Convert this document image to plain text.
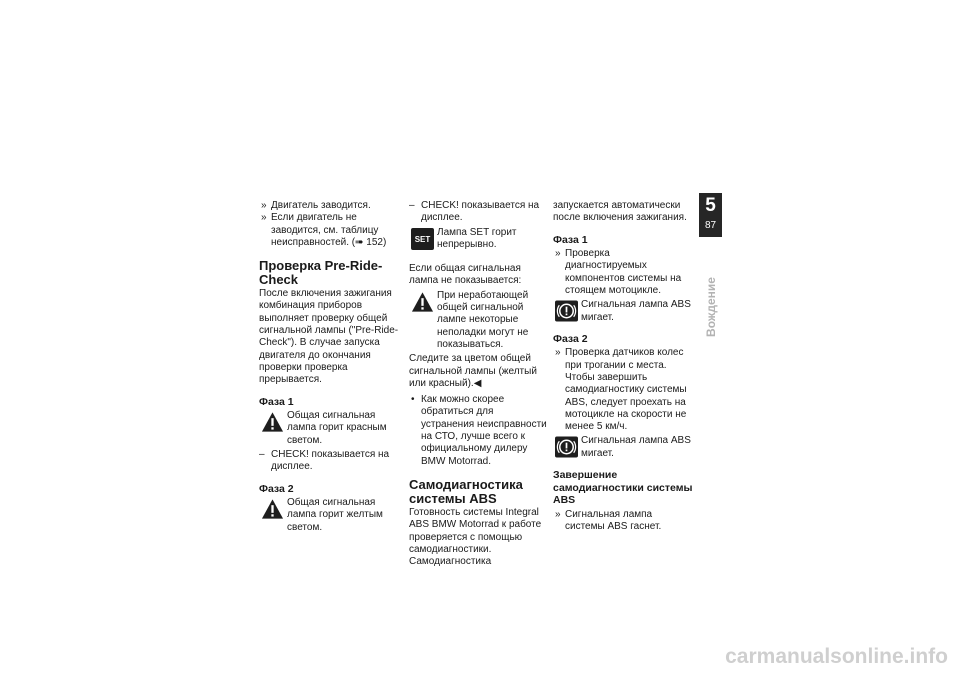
» Двигатель заводится.
» Если двигатель не заводится, см. таблицу неисправностей. (➠ 152)
Проверка Pre-Ride-Check

После включения зажигания комбинация приборов выполняет проверку общей сигнальной лампы ("Pre-Ride-Check"). В случае запуска двигателя до окончания проверки проверка прерывается.

Фаза 1
Общая сигнальная лампа горит красным светом.
– CHECK! показывается на дисплее.
Фаза 2
Общая сигнальная лампа горит желтым светом.
– CHECK! показывается на дисплее.
SET
Лампа SET горит непрерывно.

Если общая сигнальная лампа не показывается:

При неработающей общей сигнальной лампе некоторые неполадки могут не показываться.

Следите за цветом общей сигнальной лампы (желтый или красный).◀

• Как можно скорее обратиться для устранения неисправности на СТО, лучше всего к официальному дилеру BMW Motorrad.
Самодиагностика системы ABS

Готовность системы Integral ABS BMW Motorrad к работе проверяется с помощью самодиагностики. Самодиагностика

запускается автоматически после включения зажигания.

Фаза 1
» Проверка диагностируемых компонентов системы на стоящем мотоцикле.
Сигнальная лампа ABS мигает.
Фаза 2
» Проверка датчиков колес при трогании с места. Чтобы завершить самодиагностику системы ABS, следует проехать на мотоцикле на скорости не менее 5 км/ч.
Сигнальная лампа ABS мигает.
Завершение самодиагностики системы ABS
» Сигнальная лампа системы ABS гаснет.
5
87
Вождение
carmanualsonline.info
